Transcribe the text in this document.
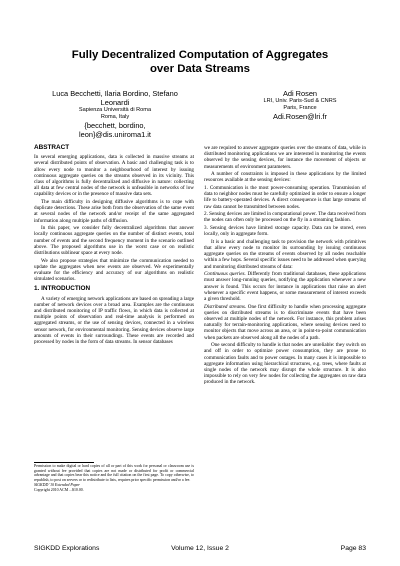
Fully Decentralized Computation of Aggregates
over Data Streams
Luca Becchetti, Ilaria Bordino, Stefano
Leonardi
Sapienza Università di Roma
Roma, Italy
{becchett, bordino,
leon}@dis.uniroma1.it
Adi Rosen
LRI, Univ. Paris-Sud & CNRS
Paris, France
Adi.Rosen@lri.fr
ABSTRACT

In several emerging applications, data is collected in massive streams at several distributed points of observation. A basic and challenging task is to allow every node to monitor a neighbourhood of interest by issuing continuous aggregate queries on the streams observed in its vicinity. This class of algorithms is fully decentralized and diffusive in nature: collecting all data at few central nodes of the network is unfeasible in networks of low capability devices or in the presence of massive data sets.

The main difficulty in designing diffusive algorithms is to cope with duplicate detections. These arise both from the observation of the same event at several nodes of the network and/or receipt of the same aggregated information along multiple paths of diffusion.

In this paper, we consider fully decentralized algorithms that answer locally continuous aggregate queries on the number of distinct events, total number of events and the second frequency moment in the scenario outlined above. The proposed algorithms use in the worst case or on realistic distributions sublinear space at every node.

We also propose strategies that minimize the communication needed to update the aggregates when new events are observed. We experimentally evaluate for the efficiency and accuracy of our algorithms on realistic simulated scenarios.

1. INTRODUCTION

A variety of emerging network applications are based on spreading a large number of network devices over a broad area. Examples are the continuous and distributed monitoring of IP traffic flows, in which data is collected at multiple points of observation and real-time analysis is performed on aggregated streams, or the use of sensing devices, connected in a wireless sensor network, for environmental monitoring. Sensing devices observe large amounts of events in their surroundings. These events are recorded and processed by nodes in the form of data streams. In sensor databases

Permission to make digital or hard copies of all or part of this work for personal or classroom use is granted without fee provided that copies are not made or distributed for profit or commercial advantage and that copies bear this notice and the full citation on the first page. To copy otherwise, to republish, to post on servers or to redistribute to lists, requires prior specific permission and/or a fee.
SIGKDD '10 Extended Paper
Copyright 2010 ACM ...$10.00.

we are required to answer aggregate queries over the streams of data, while in distributed monitoring applications we are interested in monitoring the events observed by the sensing devices, for instance the movement of objects or measurements of environment parameters.

A number of constraints is imposed in these applications by the limited resources available at the sensing devices:

1. Communication is the most power-consuming operation. Transmission of data to neighbor nodes must be carefully optimized in order to ensure a longer life to battery-operated devices. A direct consequence is that large streams of raw data cannot be transmitted between nodes.

2. Sensing devices are limited in computational power. The data received from the nodes can often only be processed on the fly in a streaming fashion.

3. Sensing devices have limited storage capacity. Data can be stored, even locally, only in aggregate form.

It is a basic and challenging task to provision the network with primitives that allow every node to monitor its surrounding by issuing continuous aggregate queries on the streams of events observed by all nodes reachable within a few hops. Several specific issues need to be addressed when querying and monitoring distributed streams of data:

Continuous queries. Differently from traditional databases, these applications must answer long-running queries, notifying the application whenever a new answer is found. This occurs for instance in applications that raise an alert whenever a specific event happens, or some measurement of interest exceeds a given threshold.

Distributed streams. One first difficulty to handle when processing aggregate queries on distributed streams is to discriminate events that have been observed at multiple nodes of the network. For instance, this problem arises naturally for terrain-monitoring applications, where sensing devices need to monitor objects that move across an area, or in point-to-point communication when packets are observed along all the nodes of a path.

One second difficulty to handle is that nodes are unreliable: they switch on and off in order to optimize power consumption, they are prone to communication faults and to power outages. In many cases it is impossible to aggregate information using hierarchical structures, e.g. trees, where faults at single nodes of the network may disrupt the whole structure. It is also impossible to rely on very few nodes for collecting the aggregates on raw data produced in the network.

SIGKDD Explorations	Volume 12, Issue 2	Page 83
